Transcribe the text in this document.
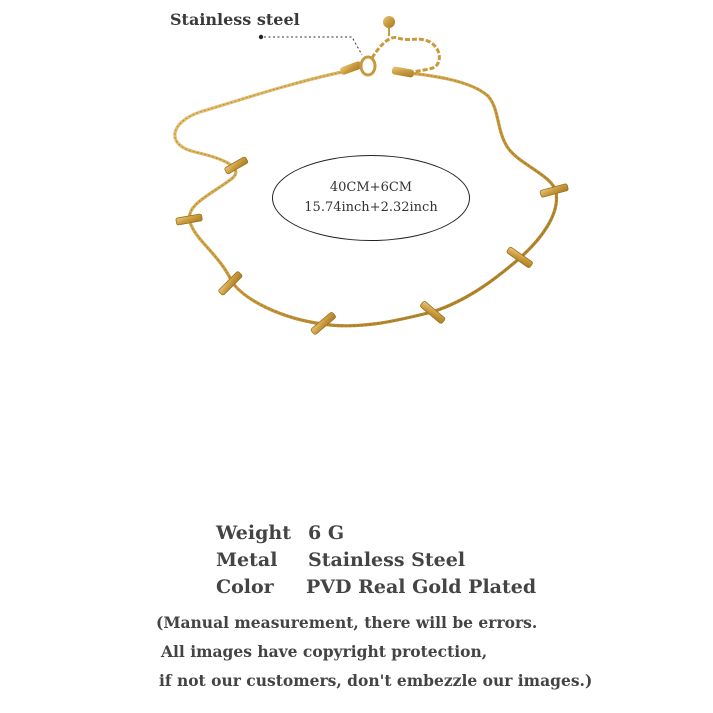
Stainless steel
40CM+6CM
15.74inch+2.32inch
Weight 6 G
Metal Stainless Steel
Color PVD Real Gold Plated
(Manual measurement, there will be errors.
All images have copyright protection,
if not our customers, don't embezzle our images.)
